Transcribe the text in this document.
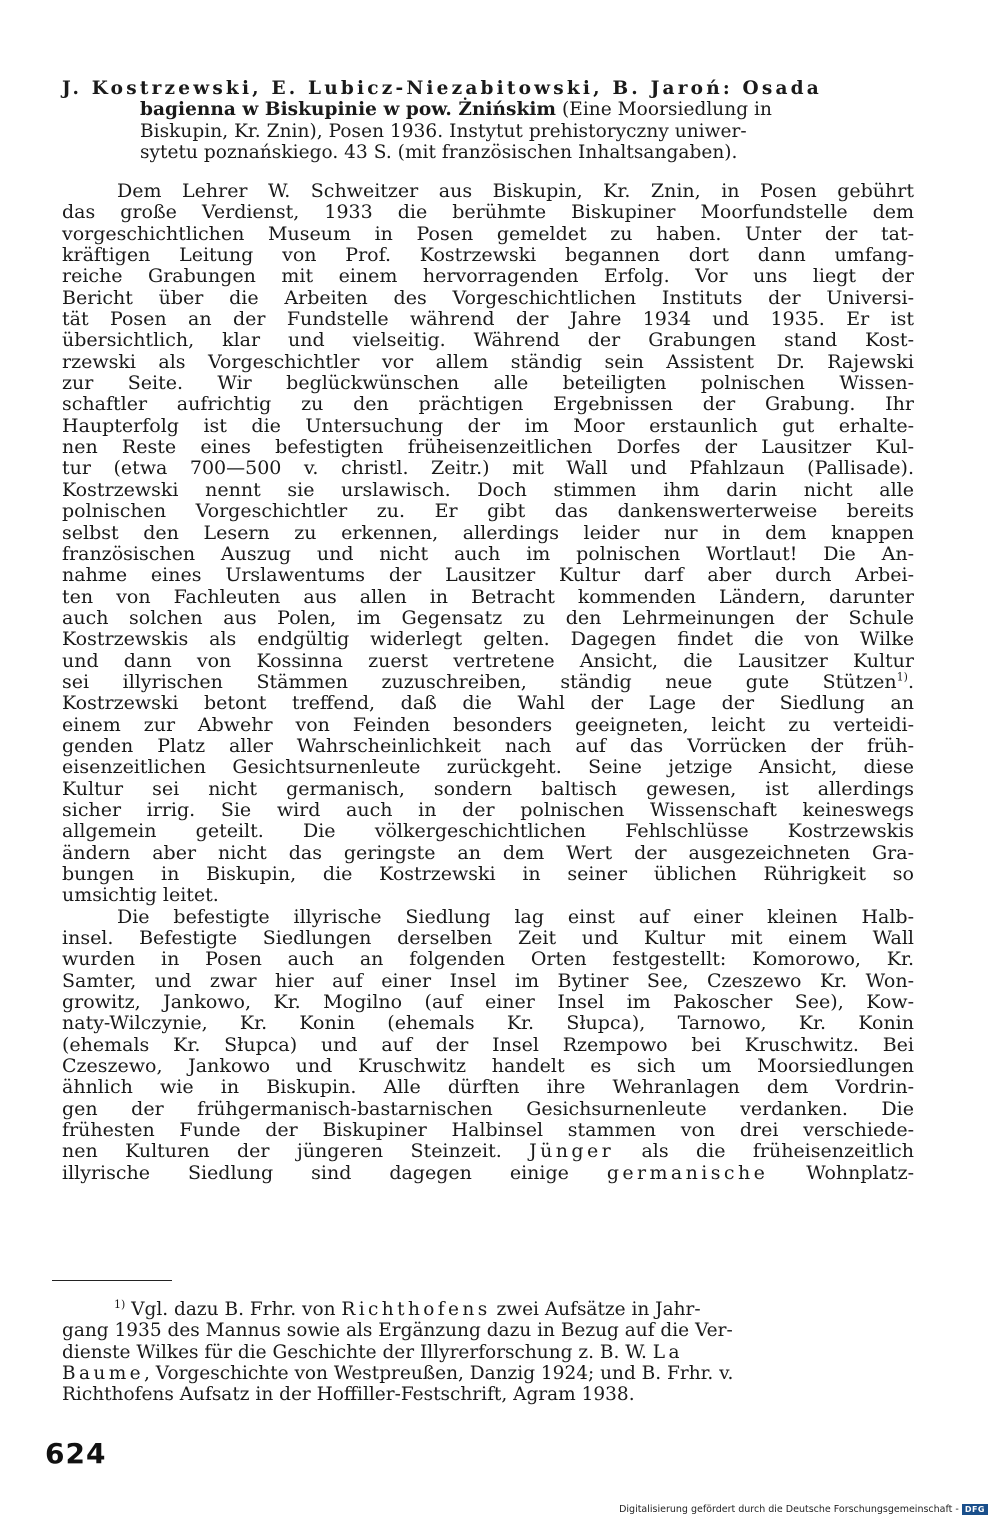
J. Kostrzewski, E. Lubicz-Niezabitowski, B. Jaroń: Osada
bagienna w Biskupinie w pow. Żnińskim (Eine Moorsiedlung in
Biskupin, Kr. Znin), Posen 1936. Instytut prehistoryczny uniwer-
sytetu poznańskiego. 43 S. (mit französischen Inhaltsangaben).
Dem Lehrer W. Schweitzer aus Biskupin, Kr. Znin, in Posen gebührt
das große Verdienst, 1933 die berühmte Biskupiner Moorfundstelle dem
vorgeschichtlichen Museum in Posen gemeldet zu haben. Unter der tat-
kräftigen Leitung von Prof. Kostrzewski begannen dort dann umfang-
reiche Grabungen mit einem hervorragenden Erfolg. Vor uns liegt der
Bericht über die Arbeiten des Vorgeschichtlichen Instituts der Universi-
tät Posen an der Fundstelle während der Jahre 1934 und 1935. Er ist
übersichtlich, klar und vielseitig. Während der Grabungen stand Kost-
rzewski als Vorgeschichtler vor allem ständig sein Assistent Dr. Rajewski
zur Seite. Wir beglückwünschen alle beteiligten polnischen Wissen-
schaftler aufrichtig zu den prächtigen Ergebnissen der Grabung. Ihr
Haupterfolg ist die Untersuchung der im Moor erstaunlich gut erhalte-
nen Reste eines befestigten früheisenzeitlichen Dorfes der Lausitzer Kul-
tur (etwa 700—500 v. christl. Zeitr.) mit Wall und Pfahlzaun (Pallisade).
Kostrzewski nennt sie urslawisch. Doch stimmen ihm darin nicht alle
polnischen Vorgeschichtler zu. Er gibt das dankenswerterweise bereits
selbst den Lesern zu erkennen, allerdings leider nur in dem knappen
französischen Auszug und nicht auch im polnischen Wortlaut! Die An-
nahme eines Urslawentums der Lausitzer Kultur darf aber durch Arbei-
ten von Fachleuten aus allen in Betracht kommenden Ländern, darunter
auch solchen aus Polen, im Gegensatz zu den Lehrmeinungen der Schule
Kostrzewskis als endgültig widerlegt gelten. Dagegen findet die von Wilke
und dann von Kossinna zuerst vertretene Ansicht, die Lausitzer Kultur
sei illyrischen Stämmen zuzuschreiben, ständig neue gute Stützen$^{1)}$.
Kostrzewski betont treffend, daß die Wahl der Lage der Siedlung an
einem zur Abwehr von Feinden besonders geeigneten, leicht zu verteidi-
genden Platz aller Wahrscheinlichkeit nach auf das Vorrücken der früh-
eisenzeitlichen Gesichtsurnenleute zurückgeht. Seine jetzige Ansicht, diese
Kultur sei nicht germanisch, sondern baltisch gewesen, ist allerdings
sicher irrig. Sie wird auch in der polnischen Wissenschaft keineswegs
allgemein geteilt. Die völkergeschichtlichen Fehlschlüsse Kostrzewskis
ändern aber nicht das geringste an dem Wert der ausgezeichneten Gra-
bungen in Biskupin, die Kostrzewski in seiner üblichen Rührigkeit so
umsichtig leitet.
Die befestigte illyrische Siedlung lag einst auf einer kleinen Halb-
insel. Befestigte Siedlungen derselben Zeit und Kultur mit einem Wall
wurden in Posen auch an folgenden Orten festgestellt: Komorowo, Kr.
Samter, und zwar hier auf einer Insel im Bytiner See, Czeszewo Kr. Won-
growitz, Jankowo, Kr. Mogilno (auf einer Insel im Pakoscher See), Kow-
naty-Wilczynie, Kr. Konin (ehemals Kr. Słupca), Tarnowo, Kr. Konin
(ehemals Kr. Słupca) und auf der Insel Rzempowo bei Kruschwitz. Bei
Czeszewo, Jankowo und Kruschwitz handelt es sich um Moorsiedlungen
ähnlich wie in Biskupin. Alle dürften ihre Wehranlagen dem Vordrin-
gen der frühgermanisch-bastarnischen Gesichsurnenleute verdanken. Die
frühesten Funde der Biskupiner Halbinsel stammen von drei verschiede-
nen Kulturen der jüngeren Steinzeit. Jünger als die früheisenzeitlich
illyrische Siedlung sind dagegen einige germanische Wohnplatz-
$^{1)}$ Vgl. dazu B. Frhr. von Richthofens zwei Aufsätze in Jahr-
gang 1935 des Mannus sowie als Ergänzung dazu in Bezug auf die Ver-
dienste Wilkes für die Geschichte der Illyrerforschung z. B. W. La
Baume, Vorgeschichte von Westpreußen, Danzig 1924; und B. Frhr. v.
Richthofens Aufsatz in der Hoffiller-Festschrift, Agram 1938.
624
Digitalisierung gefördert durch die Deutsche Forschungsgemeinschaft - DFG
